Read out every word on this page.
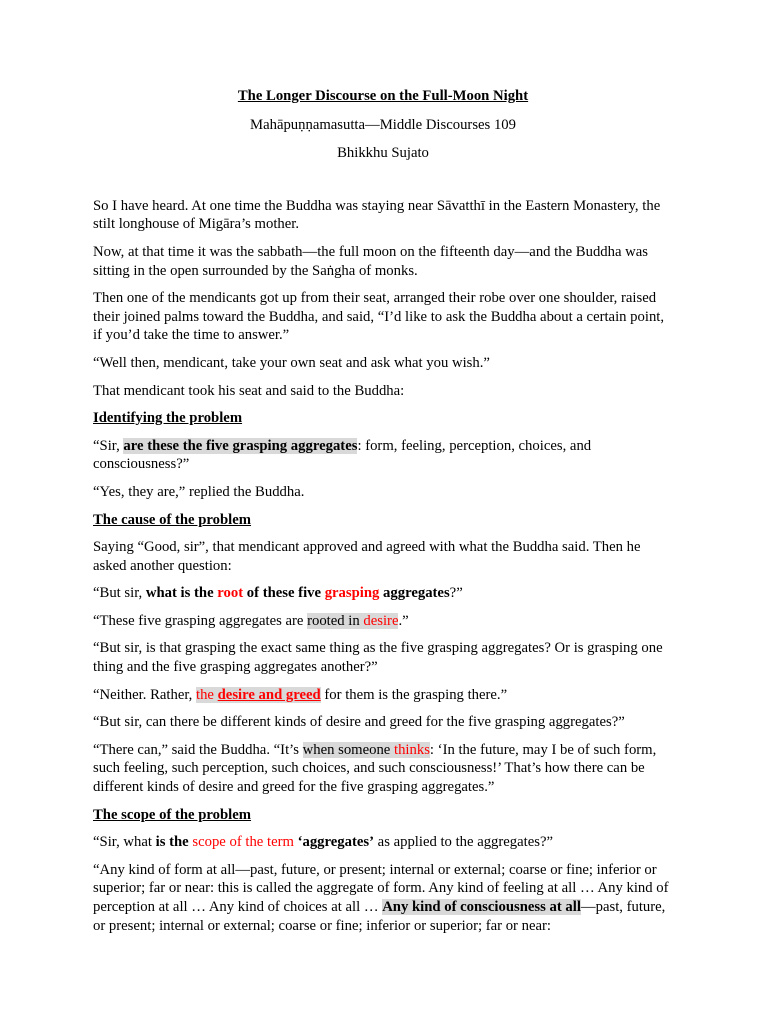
The Longer Discourse on the Full-Moon Night

Mahāpuṇṇamasutta—Middle Discourses 109

Bhikkhu Sujato

So I have heard. At one time the Buddha was staying near Sāvatthī in the Eastern Monastery, the stilt longhouse of Migāra’s mother.

Now, at that time it was the sabbath—the full moon on the fifteenth day—and the Buddha was sitting in the open surrounded by the Saṅgha of monks.

Then one of the mendicants got up from their seat, arranged their robe over one shoulder, raised their joined palms toward the Buddha, and said, “I’d like to ask the Buddha about a certain point, if you’d take the time to answer.”

“Well then, mendicant, take your own seat and ask what you wish.”

That mendicant took his seat and said to the Buddha:

Identifying the problem

“Sir, are these the five grasping aggregates: form, feeling, perception, choices, and consciousness?”

“Yes, they are,” replied the Buddha.

The cause of the problem

Saying “Good, sir”, that mendicant approved and agreed with what the Buddha said. Then he asked another question:

“But sir, what is the root of these five grasping aggregates?”

“These five grasping aggregates are rooted in desire.”

“But sir, is that grasping the exact same thing as the five grasping aggregates? Or is grasping one thing and the five grasping aggregates another?”

“Neither. Rather, the desire and greed for them is the grasping there.”

“But sir, can there be different kinds of desire and greed for the five grasping aggregates?”

“There can,” said the Buddha. “It’s when someone thinks: ‘In the future, may I be of such form, such feeling, such perception, such choices, and such consciousness!’ That’s how there can be different kinds of desire and greed for the five grasping aggregates.”

The scope of the problem

“Sir, what is the scope of the term ‘aggregates’ as applied to the aggregates?”

“Any kind of form at all—past, future, or present; internal or external; coarse or fine; inferior or superior; far or near: this is called the aggregate of form. Any kind of feeling at all … Any kind of perception at all … Any kind of choices at all … Any kind of consciousness at all—past, future, or present; internal or external; coarse or fine; inferior or superior; far or near:
